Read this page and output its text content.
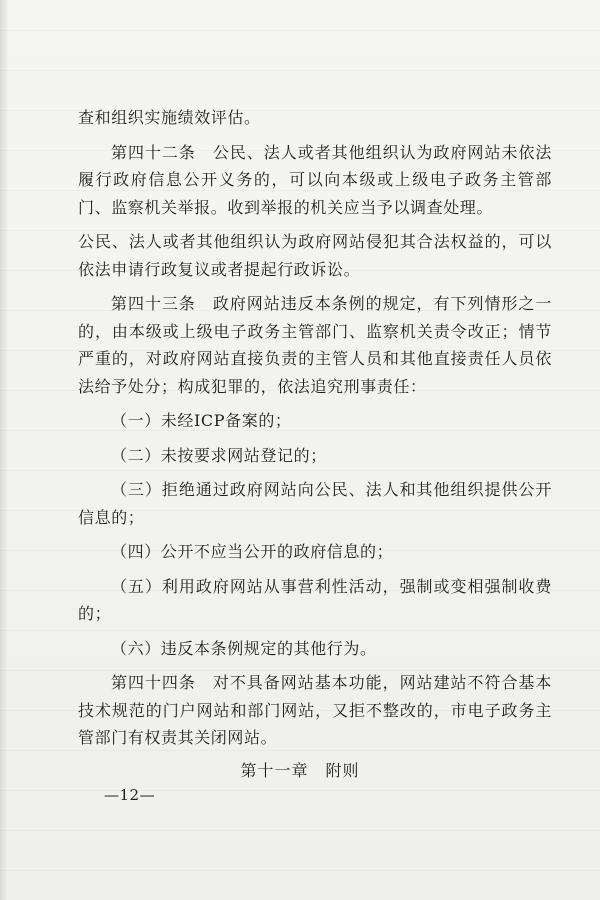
查和组织实施绩效评估。

第四十二条　公民、法人或者其他组织认为政府网站未依法履行政府信息公开义务的，可以向本级或上级电子政务主管部门、监察机关举报。收到举报的机关应当予以调查处理。

公民、法人或者其他组织认为政府网站侵犯其合法权益的，可以依法申请行政复议或者提起行政诉讼。

第四十三条　政府网站违反本条例的规定，有下列情形之一的，由本级或上级电子政务主管部门、监察机关责令改正；情节严重的，对政府网站直接负责的主管人员和其他直接责任人员依法给予处分；构成犯罪的，依法追究刑事责任：

（一）未经ICP备案的；

（二）未按要求网站登记的；

（三）拒绝通过政府网站向公民、法人和其他组织提供公开信息的；

（四）公开不应当公开的政府信息的；

（五）利用政府网站从事营利性活动，强制或变相强制收费的；

（六）违反本条例规定的其他行为。

第四十四条　对不具备网站基本功能，网站建站不符合基本技术规范的门户网站和部门网站，又拒不整改的，市电子政务主管部门有权责其关闭网站。

第十一章　附则
—12—
